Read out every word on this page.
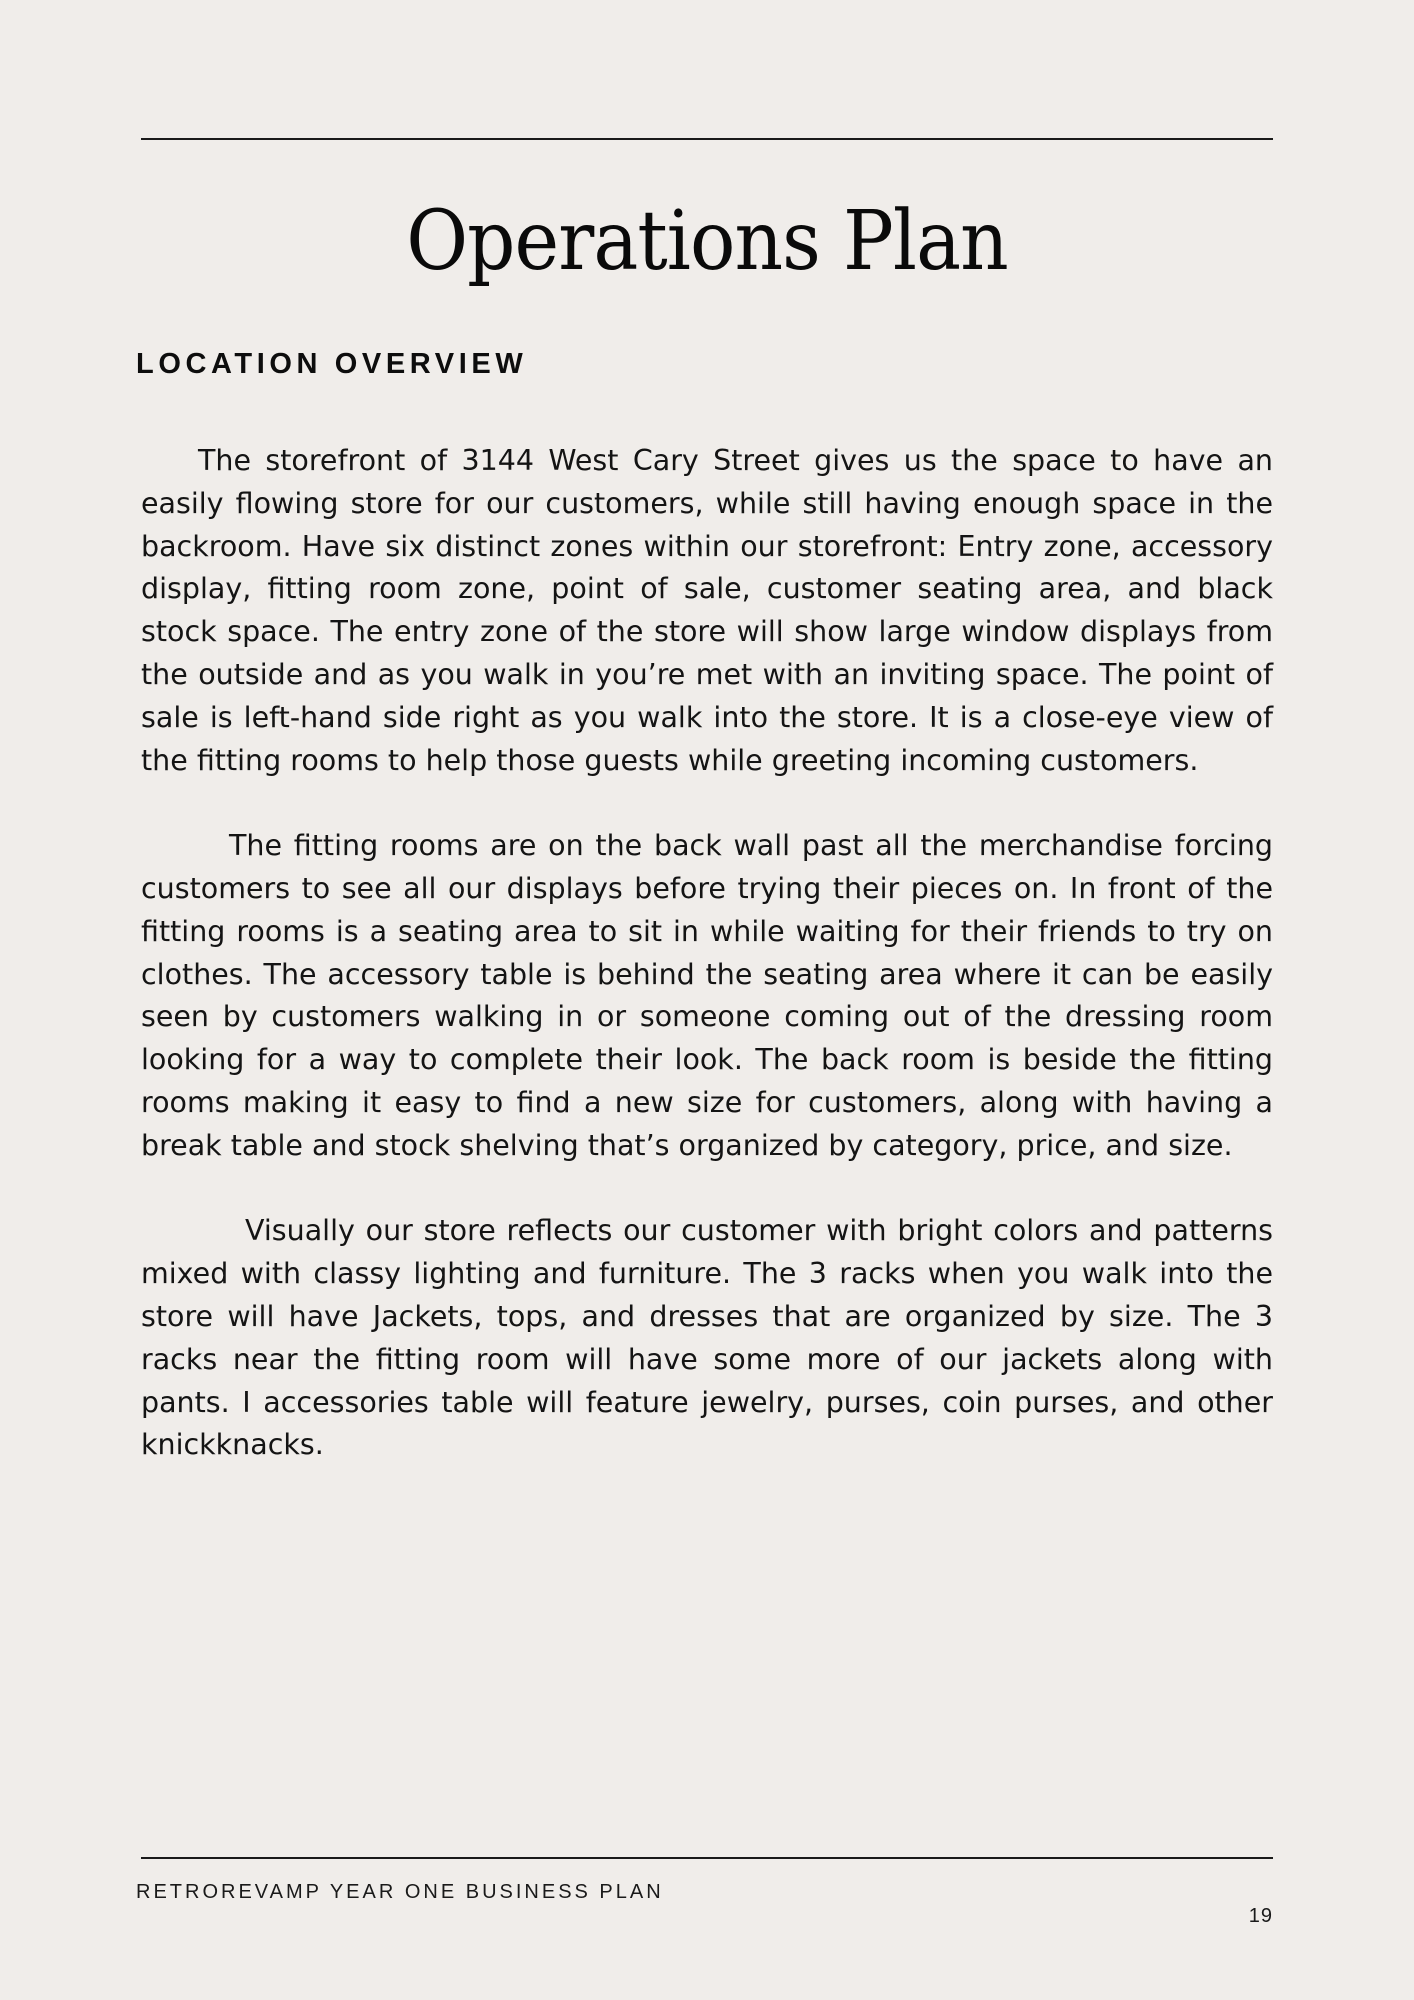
Operations Plan
LOCATION OVERVIEW

The storefront of 3144 West Cary Street gives us the space to have an easily flowing store for our customers, while still having enough space in the backroom. Have six distinct zones within our storefront: Entry zone, accessory display, fitting room zone, point of sale, customer seating area, and black stock space. The entry zone of the store will show large window displays from the outside and as you walk in you’re met with an inviting space. The point of sale is left-hand side right as you walk into the store. It is a close-eye view of the fitting rooms to help those guests while greeting incoming customers.

The fitting rooms are on the back wall past all the merchandise forcing customers to see all our displays before trying their pieces on. In front of the fitting rooms is a seating area to sit in while waiting for their friends to try on clothes. The accessory table is behind the seating area where it can be easily seen by customers walking in or someone coming out of the dressing room looking for a way to complete their look. The back room is beside the fitting rooms making it easy to find a new size for customers, along with having a break table and stock shelving that’s organized by category, price, and size.

Visually our store reflects our customer with bright colors and patterns mixed with classy lighting and furniture. The 3 racks when you walk into the store will have Jackets, tops, and dresses that are organized by size. The 3 racks near the fitting room will have some more of our jackets along with pants. I accessories table will feature jewelry, purses, coin purses, and other knickknacks.

RETROREVAMP YEAR ONE BUSINESS PLAN
19
